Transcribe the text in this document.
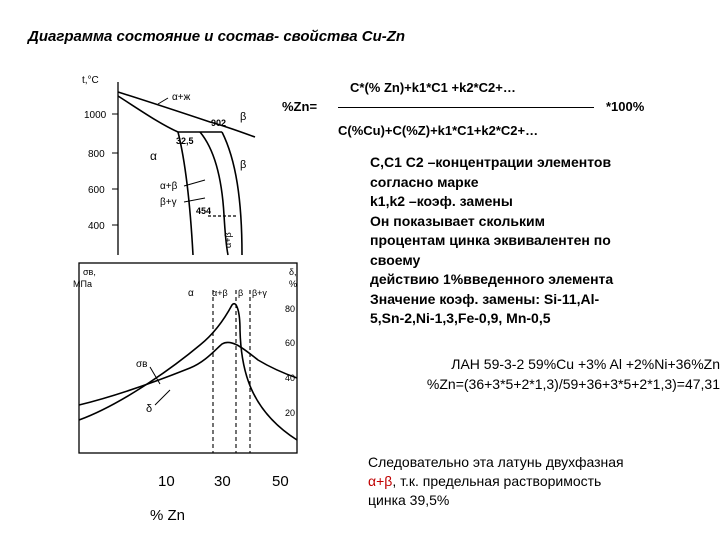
t,°C
1000
800
600
400
α+ж
β
902
32,5
α
β
α+β
β+γ
454
α+β
σв,
МПа
δ,
%
80
60
40
20
α α+β β β+γ
σв
δ
10	30	50
% Zn
Диаграмма состояние и состав- свойства Cu-Zn
C*(% Zn)+k1*C1 +k2*C2+…
%Zn=	*100%
C(%Cu)+C(%Z)+k1*C1+k2*C2+…
С,С1 С2 –концентрации элементов
согласно марке
k1,k2 –коэф. замены
Он показывает скольким
процентам цинка эквивалентен по
своему
действию 1%введенного элемента
Значение коэф. замены: Si-11,Al-
5,Sn-2,Ni-1,3,Fe-0,9, Mn-0,5
ЛАН 59-3-2 59%Cu +3% Al +2%Ni+36%Zn
%Zn=(36+3*5+2*1,3)/59+36+3*5+2*1,3)=47,31
Следовательно эта латунь двухфазная
α+β, т.к. предельная растворимость
цинка 39,5%
